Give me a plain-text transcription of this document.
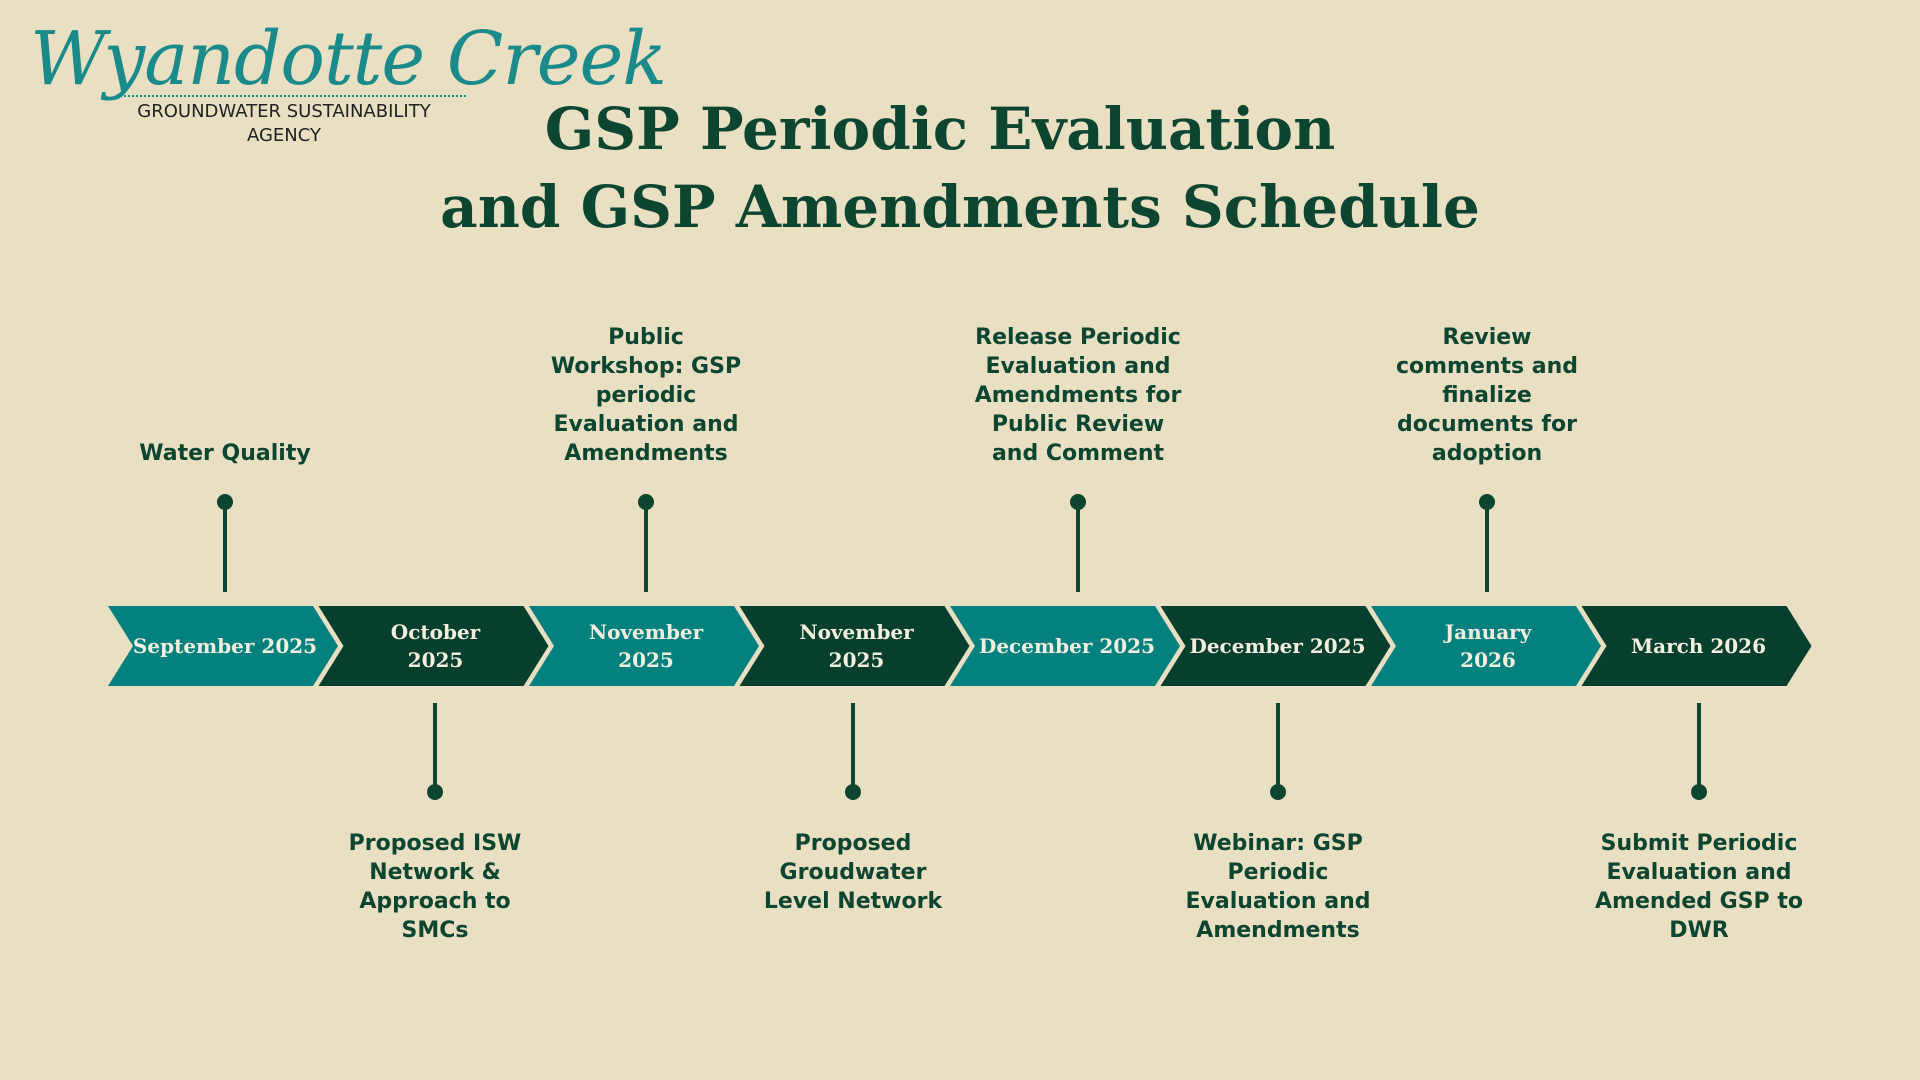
Wyandotte Creek
GROUNDWATER SUSTAINABILITY
AGENCY	GSP Periodic Evaluation
and GSP Amendments Schedule
September 2025
October 2025
November 2025
November 2025
December 2025 December 2025
January 2026
March 2026
Water Quality
Public
Workshop: GSP
periodic
Evaluation and
Amendments
Release Periodic
Evaluation and
Amendments for
Public Review
and Comment
Review
comments and
finalize
documents for
adoption
Proposed ISW
Network &
Approach to
SMCs
Proposed
Groudwater
Level Network
Webinar: GSP
Periodic
Evaluation and
Amendments
Submit Periodic
Evaluation and
Amended GSP to
DWR
